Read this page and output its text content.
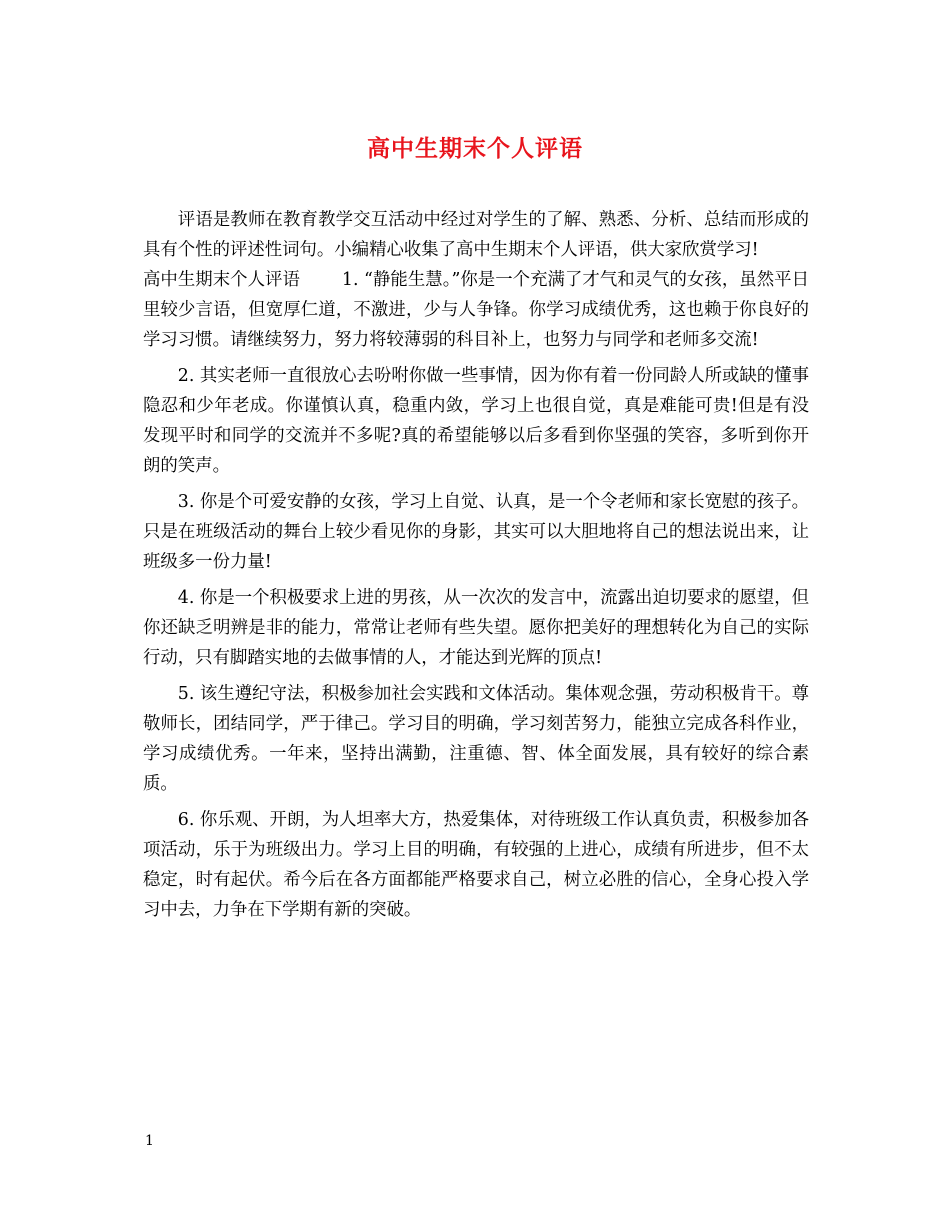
高中生期末个人评语

评语是教师在教育教学交互活动中经过对学生的了解、熟悉、分析、总结而形成的具有个性的评述性词句。小编精心收集了高中生期末个人评语，供大家欣赏学习!

高中生期末个人评语 1. “静能生慧。”你是一个充满了才气和灵气的女孩，虽然平日里较少言语，但宽厚仁道，不激进，少与人争锋。你学习成绩优秀，这也赖于你良好的学习习惯。请继续努力，努力将较薄弱的科目补上，也努力与同学和老师多交流!

2. 其实老师一直很放心去吩咐你做一些事情，因为你有着一份同龄人所或缺的懂事隐忍和少年老成。你谨慎认真，稳重内敛，学习上也很自觉，真是难能可贵!但是有没发现平时和同学的交流并不多呢?真的希望能够以后多看到你坚强的笑容，多听到你开朗的笑声。

3. 你是个可爱安静的女孩，学习上自觉、认真，是一个令老师和家长宽慰的孩子。只是在班级活动的舞台上较少看见你的身影，其实可以大胆地将自己的想法说出来，让班级多一份力量!

4. 你是一个积极要求上进的男孩，从一次次的发言中，流露出迫切要求的愿望，但你还缺乏明辨是非的能力，常常让老师有些失望。愿你把美好的理想转化为自己的实际行动，只有脚踏实地的去做事情的人，才能达到光辉的顶点!

5. 该生遵纪守法，积极参加社会实践和文体活动。集体观念强，劳动积极肯干。尊敬师长，团结同学，严于律己。学习目的明确，学习刻苦努力，能独立完成各科作业，学习成绩优秀。一年来，坚持出满勤，注重德、智、体全面发展，具有较好的综合素质。

6. 你乐观、开朗，为人坦率大方，热爱集体，对待班级工作认真负责，积极参加各项活动，乐于为班级出力。学习上目的明确，有较强的上进心，成绩有所进步，但不太稳定，时有起伏。希今后在各方面都能严格要求自己，树立必胜的信心，全身心投入学习中去，力争在下学期有新的突破。

1
